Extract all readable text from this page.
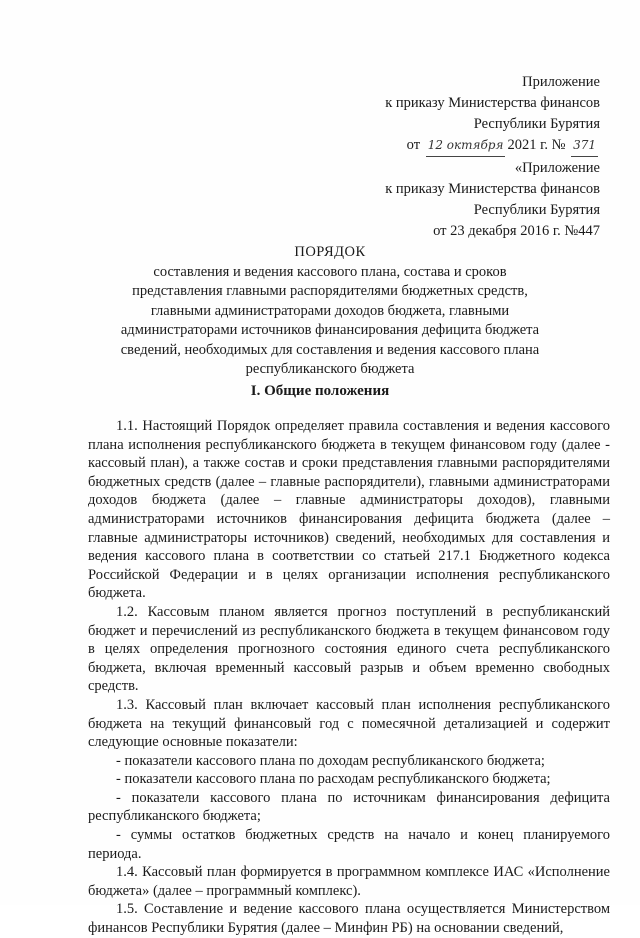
Приложение
к приказу Министерства финансов
Республики Бурятия
от 12 октября 2021 г. № 371
«Приложение
к приказу Министерства финансов
Республики Бурятия
от 23 декабря 2016 г. №447
ПОРЯДОК
составления и ведения кассового плана, состава и сроков представления главными распорядителями бюджетных средств, главными администраторами доходов бюджета, главными администраторами источников финансирования дефицита бюджета сведений, необходимых для составления и ведения кассового плана республиканского бюджета
I. Общие положения

1.1. Настоящий Порядок определяет правила составления и ведения кассового плана исполнения республиканского бюджета в текущем финансовом году (далее - кассовый план), а также состав и сроки представления главными распорядителями бюджетных средств (далее – главные распорядители), главными администраторами доходов бюджета (далее – главные администраторы доходов), главными администраторами источников финансирования дефицита бюджета (далее – главные администраторы источников) сведений, необходимых для составления и ведения кассового плана в соответствии со статьей 217.1 Бюджетного кодекса Российской Федерации и в целях организации исполнения республиканского бюджета.

1.2. Кассовым планом является прогноз поступлений в республиканский бюджет и перечислений из республиканского бюджета в текущем финансовом году в целях определения прогнозного состояния единого счета республиканского бюджета, включая временный кассовый разрыв и объем временно свободных средств.

1.3. Кассовый план включает кассовый план исполнения республиканского бюджета на текущий финансовый год с помесячной детализацией и содержит следующие основные показатели:

- показатели кассового плана по доходам республиканского бюджета;

- показатели кассового плана по расходам республиканского бюджета;

- показатели кассового плана по источникам финансирования дефицита республиканского бюджета;

- суммы остатков бюджетных средств на начало и конец планируемого периода.

1.4. Кассовый план формируется в программном комплексе ИАС «Исполнение бюджета» (далее – программный комплекс).

1.5. Составление и ведение кассового плана осуществляется Министерством финансов Республики Бурятия (далее – Минфин РБ) на основании сведений,
